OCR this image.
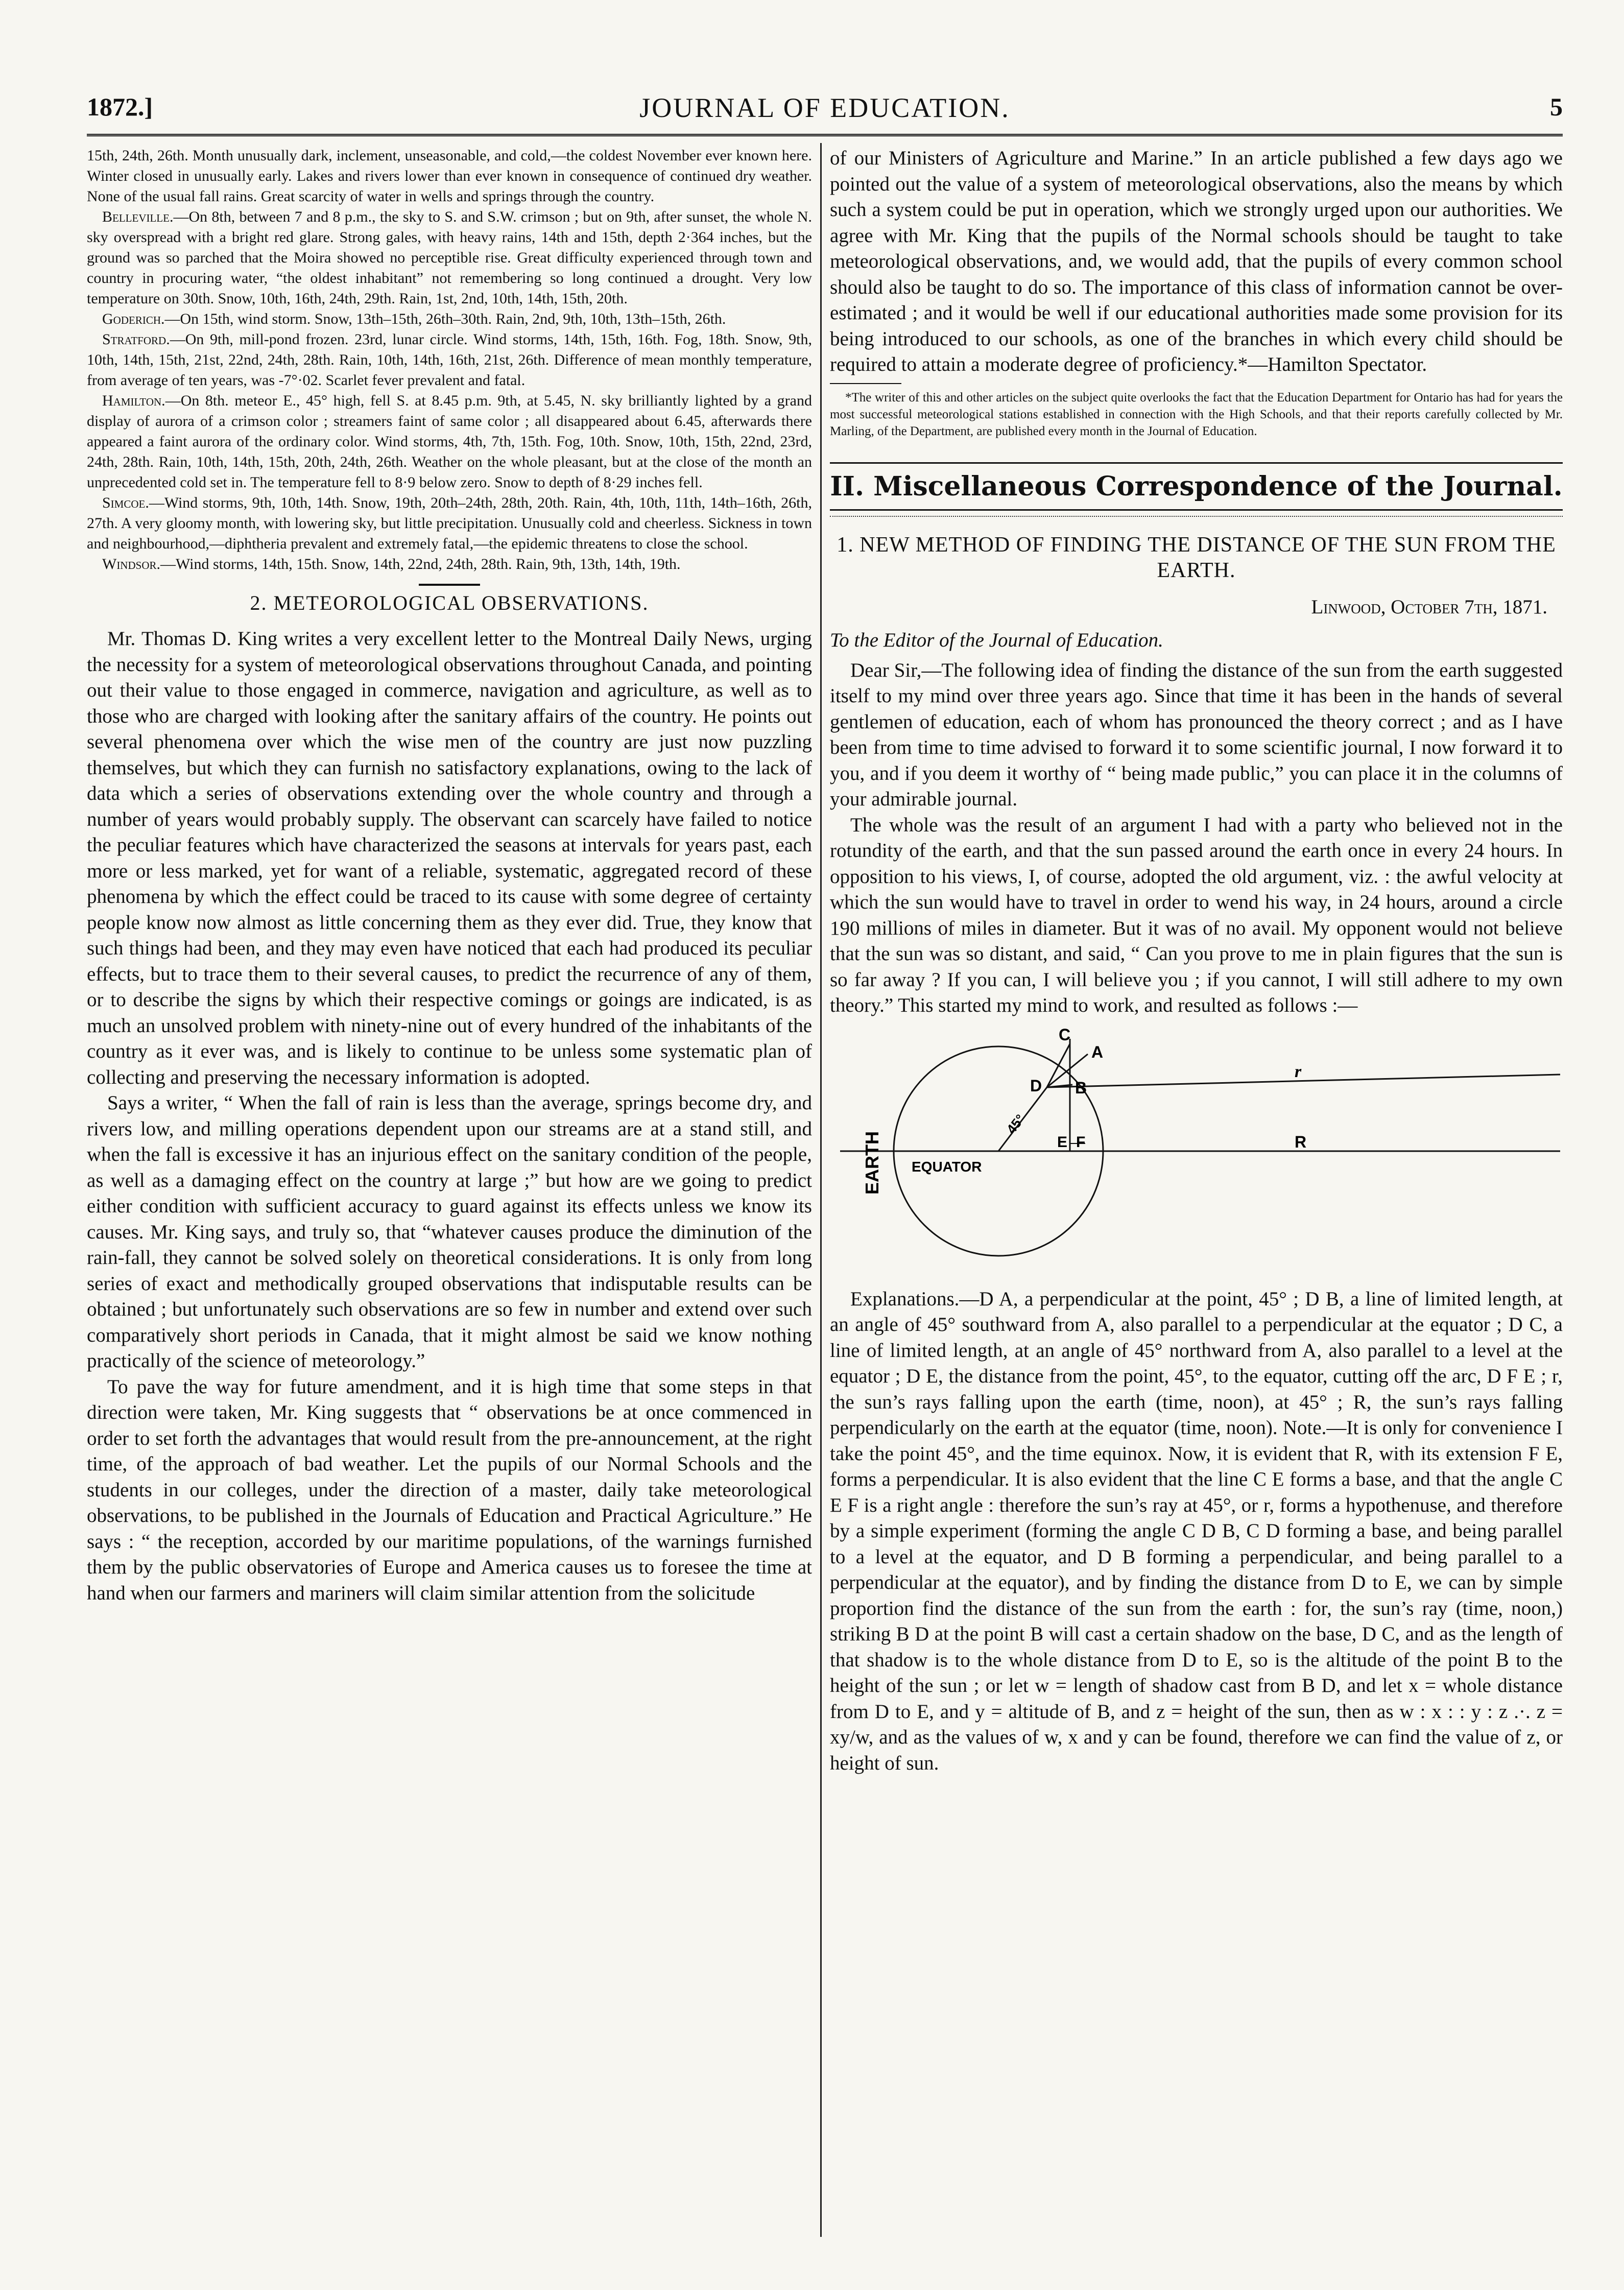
1872.]	JOURNAL OF EDUCATION.	5

15th, 24th, 26th. Month unusually dark, inclement, unseasonable, and cold,—the coldest November ever known here. Winter closed in unusually early. Lakes and rivers lower than ever known in consequence of continued dry weather. None of the usual fall rains. Great scarcity of water in wells and springs through the country.

Belleville.—On 8th, between 7 and 8 p.m., the sky to S. and S.W. crimson ; but on 9th, after sunset, the whole N. sky overspread with a bright red glare. Strong gales, with heavy rains, 14th and 15th, depth 2·364 inches, but the ground was so parched that the Moira showed no perceptible rise. Great difficulty experienced through town and country in procuring water, “the oldest inhabitant” not remembering so long continued a drought. Very low temperature on 30th. Snow, 10th, 16th, 24th, 29th. Rain, 1st, 2nd, 10th, 14th, 15th, 20th.

Goderich.—On 15th, wind storm. Snow, 13th–15th, 26th–30th. Rain, 2nd, 9th, 10th, 13th–15th, 26th.

Stratford.—On 9th, mill-pond frozen. 23rd, lunar circle. Wind storms, 14th, 15th, 16th. Fog, 18th. Snow, 9th, 10th, 14th, 15th, 21st, 22nd, 24th, 28th. Rain, 10th, 14th, 16th, 21st, 26th. Difference of mean monthly temperature, from average of ten years, was -7°·02. Scarlet fever prevalent and fatal.

Hamilton.—On 8th. meteor E., 45° high, fell S. at 8.45 p.m. 9th, at 5.45, N. sky brilliantly lighted by a grand display of aurora of a crimson color ; streamers faint of same color ; all disappeared about 6.45, afterwards there appeared a faint aurora of the ordinary color. Wind storms, 4th, 7th, 15th. Fog, 10th. Snow, 10th, 15th, 22nd, 23rd, 24th, 28th. Rain, 10th, 14th, 15th, 20th, 24th, 26th. Weather on the whole pleasant, but at the close of the month an unprecedented cold set in. The temperature fell to 8·9 below zero. Snow to depth of 8·29 inches fell.

Simcoe.—Wind storms, 9th, 10th, 14th. Snow, 19th, 20th–24th, 28th, 20th. Rain, 4th, 10th, 11th, 14th–16th, 26th, 27th. A very gloomy month, with lowering sky, but little precipitation. Unusually cold and cheerless. Sickness in town and neighbourhood,—diphtheria prevalent and extremely fatal,—the epidemic threatens to close the school.

Windsor.—Wind storms, 14th, 15th. Snow, 14th, 22nd, 24th, 28th. Rain, 9th, 13th, 14th, 19th.

2. METEOROLOGICAL OBSERVATIONS.

Mr. Thomas D. King writes a very excellent letter to the Montreal Daily News, urging the necessity for a system of meteorological observations throughout Canada, and pointing out their value to those engaged in commerce, navigation and agriculture, as well as to those who are charged with looking after the sanitary affairs of the country. He points out several phenomena over which the wise men of the country are just now puzzling themselves, but which they can furnish no satisfactory explanations, owing to the lack of data which a series of observations extending over the whole country and through a number of years would probably supply. The observant can scarcely have failed to notice the peculiar features which have characterized the seasons at intervals for years past, each more or less marked, yet for want of a reliable, systematic, aggregated record of these phenomena by which the effect could be traced to its cause with some degree of certainty people know now almost as little concerning them as they ever did. True, they know that such things had been, and they may even have noticed that each had produced its peculiar effects, but to trace them to their several causes, to predict the recurrence of any of them, or to describe the signs by which their respective comings or goings are indicated, is as much an unsolved problem with ninety-nine out of every hundred of the inhabitants of the country as it ever was, and is likely to continue to be unless some systematic plan of collecting and preserving the necessary information is adopted.

Says a writer, “ When the fall of rain is less than the average, springs become dry, and rivers low, and milling operations dependent upon our streams are at a stand still, and when the fall is excessive it has an injurious effect on the sanitary condition of the people, as well as a damaging effect on the country at large ;” but how are we going to predict either condition with sufficient accuracy to guard against its effects unless we know its causes. Mr. King says, and truly so, that “whatever causes produce the diminution of the rain-fall, they cannot be solved solely on theoretical considerations. It is only from long series of exact and methodically grouped observations that indisputable results can be obtained ; but unfortunately such observations are so few in number and extend over such comparatively short periods in Canada, that it might almost be said we know nothing practically of the science of meteorology.”

To pave the way for future amendment, and it is high time that some steps in that direction were taken, Mr. King suggests that “ observations be at once commenced in order to set forth the advantages that would result from the pre-announcement, at the right time, of the approach of bad weather. Let the pupils of our Normal Schools and the students in our colleges, under the direction of a master, daily take meteorological observations, to be published in the Journals of Education and Practical Agriculture.” He says : “ the reception, accorded by our maritime populations, of the warnings furnished them by the public observatories of Europe and America causes us to foresee the time at hand when our farmers and mariners will claim similar attention from the solicitude

of our Ministers of Agriculture and Marine.” In an article published a few days ago we pointed out the value of a system of meteorological observations, also the means by which such a system could be put in operation, which we strongly urged upon our authorities. We agree with Mr. King that the pupils of the Normal schools should be taught to take meteorological observations, and, we would add, that the pupils of every common school should also be taught to do so. The importance of this class of information cannot be over-estimated ; and it would be well if our educational authorities made some provision for its being introduced to our schools, as one of the branches in which every child should be required to attain a moderate degree of proficiency.*—Hamilton Spectator.

*The writer of this and other articles on the subject quite overlooks the fact that the Education Department for Ontario has had for years the most successful meteorological stations established in connection with the High Schools, and that their reports carefully collected by Mr. Marling, of the Department, are published every month in the Journal of Education.

II. Miscellaneous Correspondence of the Journal.
1. NEW METHOD OF FINDING THE DISTANCE OF THE SUN FROM THE EARTH.
Linwood, October 7th, 1871.
To the Editor of the Journal of Education.

Dear Sir,—The following idea of finding the distance of the sun from the earth suggested itself to my mind over three years ago. Since that time it has been in the hands of several gentlemen of education, each of whom has pronounced the theory correct ; and as I have been from time to time advised to forward it to some scientific journal, I now forward it to you, and if you deem it worthy of “ being made public,” you can place it in the columns of your admirable journal.

The whole was the result of an argument I had with a party who believed not in the rotundity of the earth, and that the sun passed around the earth once in every 24 hours. In opposition to his views, I, of course, adopted the old argument, viz. : the awful velocity at which the sun would have to travel in order to wend his way, in 24 hours, around a circle 190 millions of miles in diameter. But it was of no avail. My opponent would not believe that the sun was so distant, and said, “ Can you prove to me in plain figures that the sun is so far away ? If you can, I will believe you ; if you cannot, I will still adhere to my own theory.” This started my mind to work, and resulted as follows :—

C
A
D B
E F
r
R
45°
EARTH EQUATOR

Explanations.—D A, a perpendicular at the point, 45° ; D B, a line of limited length, at an angle of 45° southward from A, also parallel to a perpendicular at the equator ; D C, a line of limited length, at an angle of 45° northward from A, also parallel to a level at the equator ; D E, the distance from the point, 45°, to the equator, cutting off the arc, D F E ; r, the sun’s rays falling upon the earth (time, noon), at 45° ; R, the sun’s rays falling perpendicularly on the earth at the equator (time, noon). Note.—It is only for convenience I take the point 45°, and the time equinox. Now, it is evident that R, with its extension F E, forms a perpendicular. It is also evident that the line C E forms a base, and that the angle C E F is a right angle : therefore the sun’s ray at 45°, or r, forms a hypothenuse, and therefore by a simple experiment (forming the angle C D B, C D forming a base, and being parallel to a level at the equator, and D B forming a perpendicular, and being parallel to a perpendicular at the equator), and by finding the distance from D to E, we can by simple proportion find the distance of the sun from the earth : for, the sun’s ray (time, noon,) striking B D at the point B will cast a certain shadow on the base, D C, and as the length of that shadow is to the whole distance from D to E, so is the altitude of the point B to the height of the sun ; or let w = length of shadow cast from B D, and let x = whole distance from D to E, and y = altitude of B, and z = height of the sun, then as w : x : : y : z .·. z = xy/w, and as the values of w, x and y can be found, therefore we can find the value of z, or height of sun.
